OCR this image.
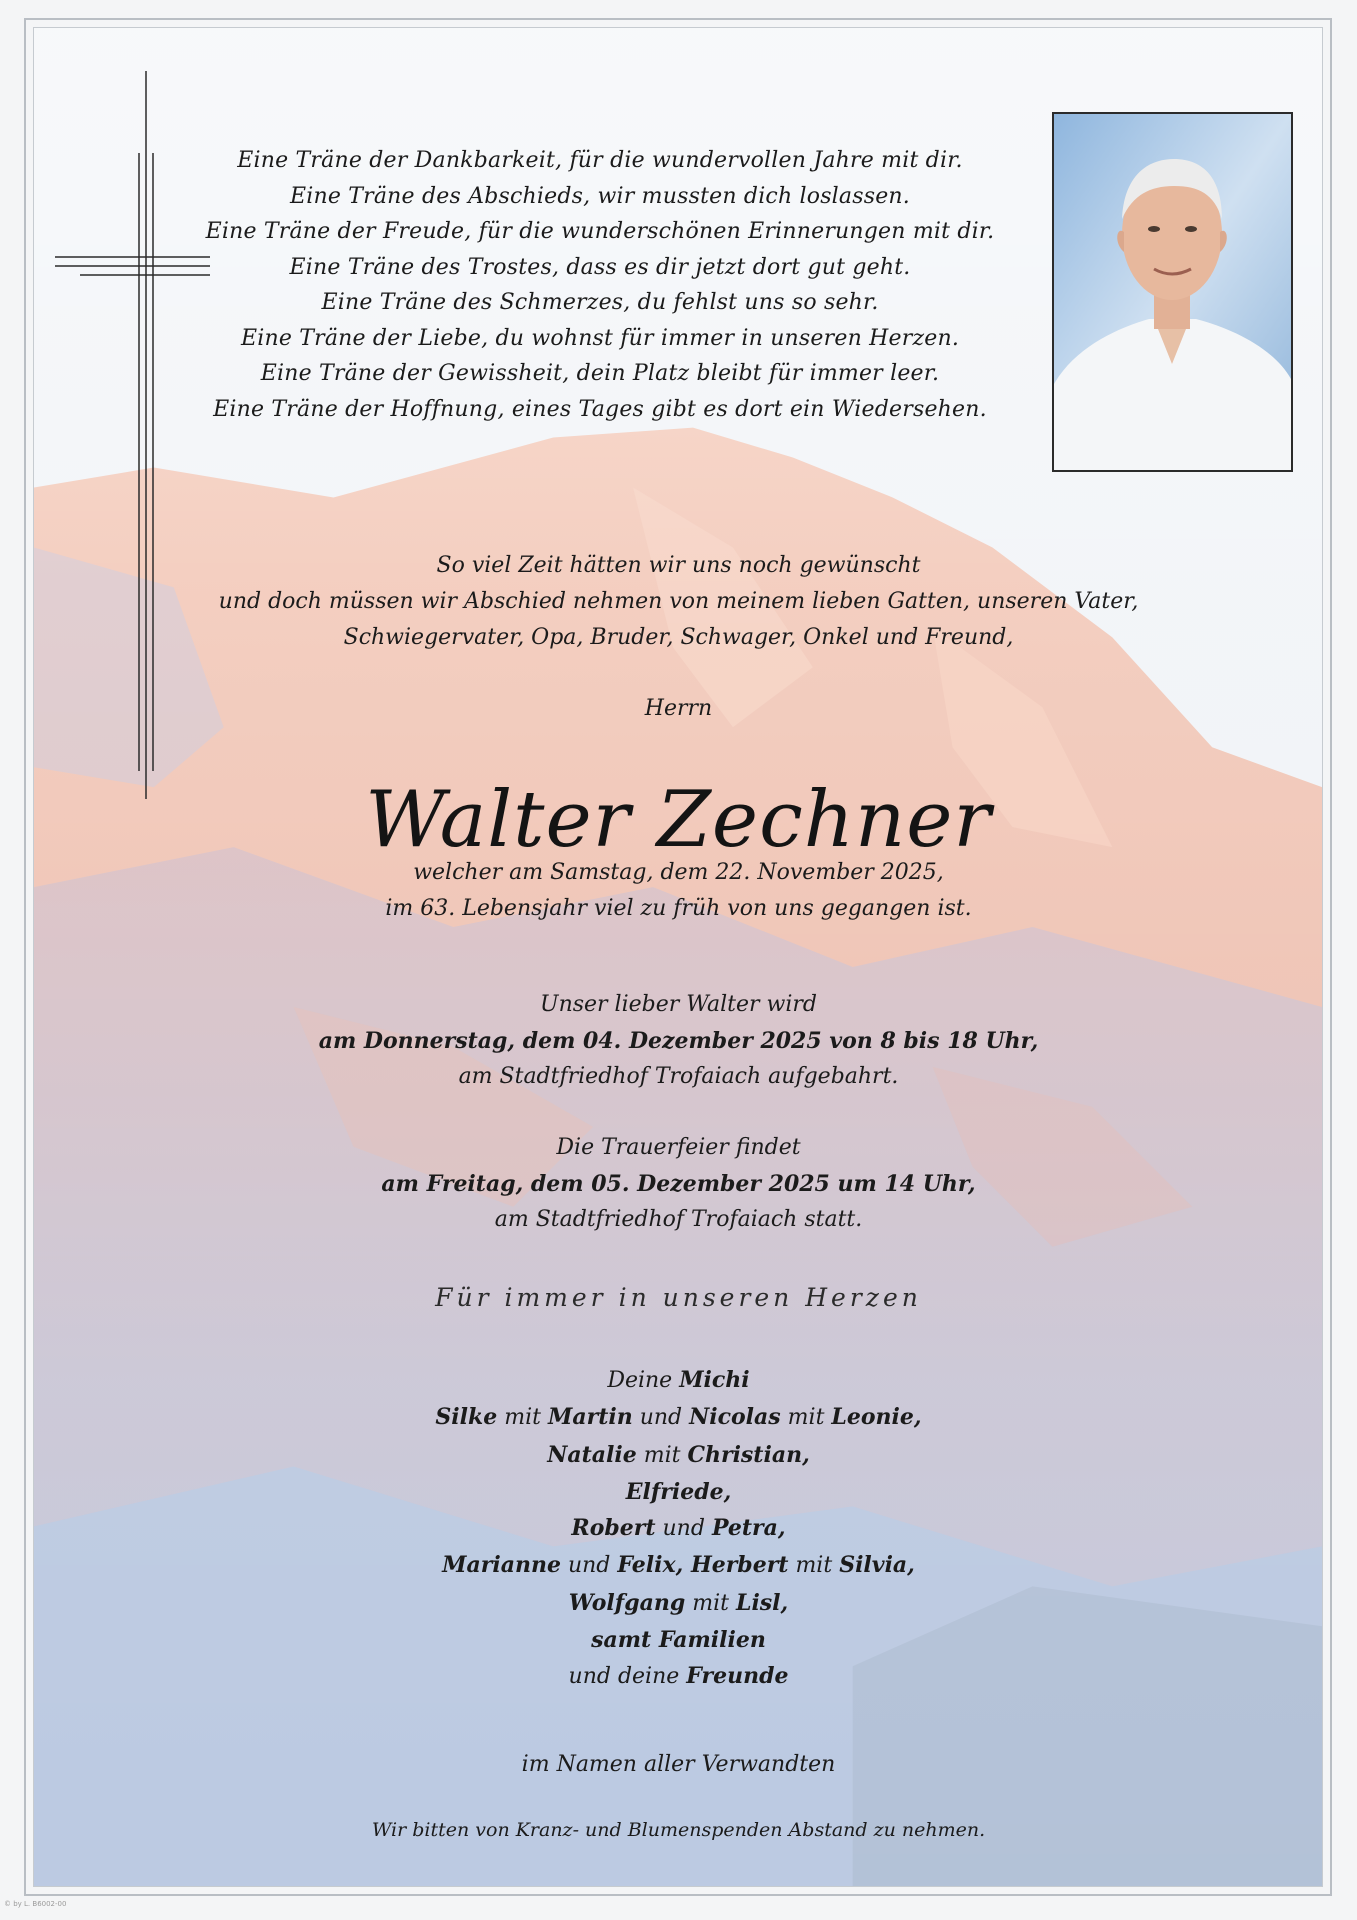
Eine Träne der Dankbarkeit, für die wundervollen Jahre mit dir.
Eine Träne des Abschieds, wir mussten dich loslassen.
Eine Träne der Freude, für die wunderschönen Erinnerungen mit dir.
Eine Träne des Trostes, dass es dir jetzt dort gut geht.
Eine Träne des Schmerzes, du fehlst uns so sehr.
Eine Träne der Liebe, du wohnst für immer in unseren Herzen.
Eine Träne der Gewissheit, dein Platz bleibt für immer leer.
Eine Träne der Hoffnung, eines Tages gibt es dort ein Wiedersehen.
So viel Zeit hätten wir uns noch gewünscht
und doch müssen wir Abschied nehmen von meinem lieben Gatten, unseren Vater,
Schwiegervater, Opa, Bruder, Schwager, Onkel und Freund,
Herrn
Walter Zechner
welcher am Samstag, dem 22. November 2025,
im 63. Lebensjahr viel zu früh von uns gegangen ist.
Unser lieber Walter wird
am Donnerstag, dem 04. Dezember 2025 von 8 bis 18 Uhr,
am Stadtfriedhof Trofaiach aufgebahrt.
Die Trauerfeier findet
am Freitag, dem 05. Dezember 2025 um 14 Uhr,
am Stadtfriedhof Trofaiach statt.
Für immer in unseren Herzen
Deine Michi
Silke mit Martin und Nicolas mit Leonie,
Natalie mit Christian,
Elfriede,
Robert und Petra,
Marianne und Felix, Herbert mit Silvia,
Wolfgang mit Lisl,
samt Familien
und deine Freunde
im Namen aller Verwandten
Wir bitten von Kranz- und Blumenspenden Abstand zu nehmen.
© by L. B6002-00
